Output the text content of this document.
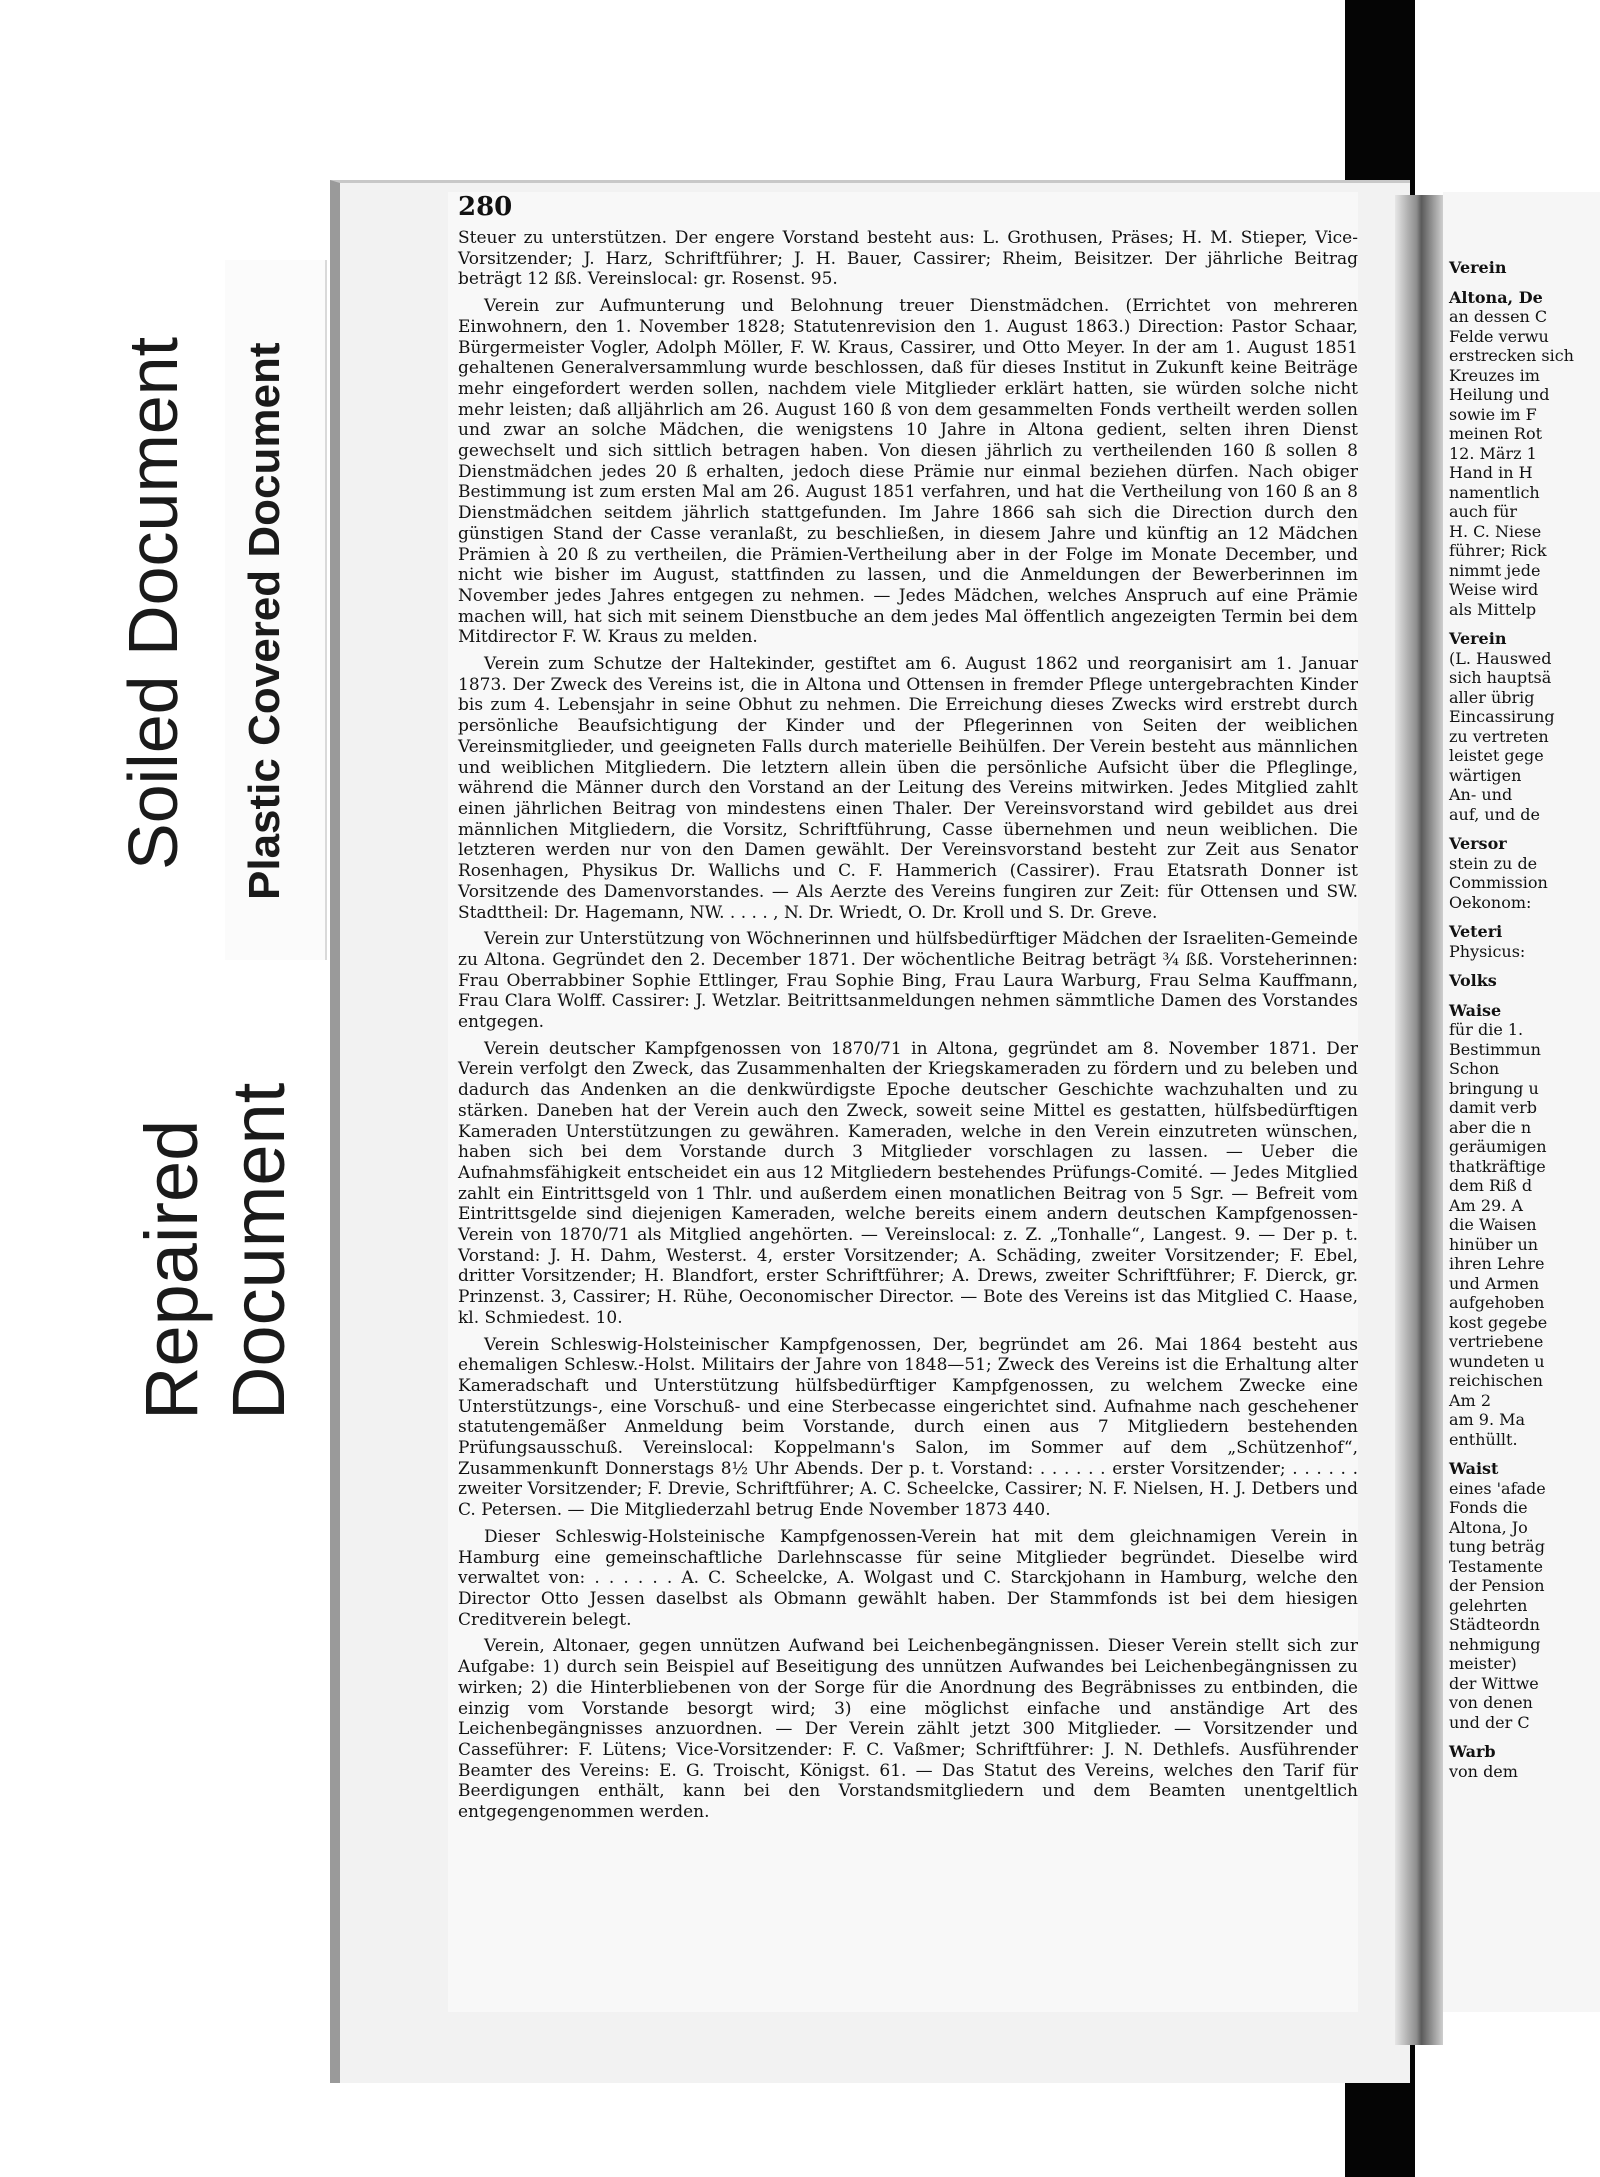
Soiled Document Plastic Covered Document
Repaired Document
280

Steuer zu unterstützen. Der engere Vorstand besteht aus: L. Grothusen, Präses; H. M. Stieper, Vice-Vorsitzender; J. Harz, Schriftführer; J. H. Bauer, Cassirer; Rheim, Beisitzer. Der jährliche Beitrag beträgt 12 ßß. Vereinslocal: gr. Rosenst. 95.

Verein zur Aufmunterung und Belohnung treuer Dienstmädchen. (Errichtet von mehreren Einwohnern, den 1. November 1828; Statutenrevision den 1. August 1863.) Direction: Pastor Schaar, Bürgermeister Vogler, Adolph Möller, F. W. Kraus, Cassirer, und Otto Meyer. In der am 1. August 1851 gehaltenen Generalversammlung wurde beschlossen, daß für dieses Institut in Zukunft keine Beiträge mehr eingefordert werden sollen, nachdem viele Mitglieder erklärt hatten, sie würden solche nicht mehr leisten; daß alljährlich am 26. August 160 ß von dem gesammelten Fonds vertheilt werden sollen und zwar an solche Mädchen, die wenigstens 10 Jahre in Altona gedient, selten ihren Dienst gewechselt und sich sittlich betragen haben. Von diesen jährlich zu vertheilenden 160 ß sollen 8 Dienstmädchen jedes 20 ß erhalten, jedoch diese Prämie nur einmal beziehen dürfen. Nach obiger Bestimmung ist zum ersten Mal am 26. August 1851 verfahren, und hat die Vertheilung von 160 ß an 8 Dienstmädchen seitdem jährlich stattgefunden. Im Jahre 1866 sah sich die Direction durch den günstigen Stand der Casse veranlaßt, zu beschließen, in diesem Jahre und künftig an 12 Mädchen Prämien à 20 ß zu vertheilen, die Prämien-Vertheilung aber in der Folge im Monate December, und nicht wie bisher im August, stattfinden zu lassen, und die Anmeldungen der Bewerberinnen im November jedes Jahres entgegen zu nehmen. — Jedes Mädchen, welches Anspruch auf eine Prämie machen will, hat sich mit seinem Dienstbuche an dem jedes Mal öffentlich angezeigten Termin bei dem Mitdirector F. W. Kraus zu melden.

Verein zum Schutze der Haltekinder, gestiftet am 6. August 1862 und reorganisirt am 1. Januar 1873. Der Zweck des Vereins ist, die in Altona und Ottensen in fremder Pflege untergebrachten Kinder bis zum 4. Lebensjahr in seine Obhut zu nehmen. Die Erreichung dieses Zwecks wird erstrebt durch persönliche Beaufsichtigung der Kinder und der Pflegerinnen von Seiten der weiblichen Vereinsmitglieder, und geeigneten Falls durch materielle Beihülfen. Der Verein besteht aus männlichen und weiblichen Mitgliedern. Die letztern allein üben die persönliche Aufsicht über die Pfleglinge, während die Männer durch den Vorstand an der Leitung des Vereins mitwirken. Jedes Mitglied zahlt einen jährlichen Beitrag von mindestens einen Thaler. Der Vereinsvorstand wird gebildet aus drei männlichen Mitgliedern, die Vorsitz, Schriftführung, Casse übernehmen und neun weiblichen. Die letzteren werden nur von den Damen gewählt. Der Vereinsvorstand besteht zur Zeit aus Senator Rosenhagen, Physikus Dr. Wallichs und C. F. Hammerich (Cassirer). Frau Etatsrath Donner ist Vorsitzende des Damenvorstandes. — Als Aerzte des Vereins fungiren zur Zeit: für Ottensen und SW. Stadttheil: Dr. Hagemann, NW. . . . . , N. Dr. Wriedt, O. Dr. Kroll und S. Dr. Greve.

Verein zur Unterstützung von Wöchnerinnen und hülfsbedürftiger Mädchen der Israeliten-Gemeinde zu Altona. Gegründet den 2. December 1871. Der wöchentliche Beitrag beträgt ¾ ßß. Vorsteherinnen: Frau Oberrabbiner Sophie Ettlinger, Frau Sophie Bing, Frau Laura Warburg, Frau Selma Kauffmann, Frau Clara Wolff. Cassirer: J. Wetzlar. Beitrittsanmeldungen nehmen sämmtliche Damen des Vorstandes entgegen.

Verein deutscher Kampfgenossen von 1870/71 in Altona, gegründet am 8. November 1871. Der Verein verfolgt den Zweck, das Zusammenhalten der Kriegskameraden zu fördern und zu beleben und dadurch das Andenken an die denkwürdigste Epoche deutscher Geschichte wachzuhalten und zu stärken. Daneben hat der Verein auch den Zweck, soweit seine Mittel es gestatten, hülfsbedürftigen Kameraden Unterstützungen zu gewähren. Kameraden, welche in den Verein einzutreten wünschen, haben sich bei dem Vorstande durch 3 Mitglieder vorschlagen zu lassen. — Ueber die Aufnahmsfähigkeit entscheidet ein aus 12 Mitgliedern bestehendes Prüfungs-Comité. — Jedes Mitglied zahlt ein Eintrittsgeld von 1 Thlr. und außerdem einen monatlichen Beitrag von 5 Sgr. — Befreit vom Eintrittsgelde sind diejenigen Kameraden, welche bereits einem andern deutschen Kampfgenossen-Verein von 1870/71 als Mitglied angehörten. — Vereinslocal: z. Z. „Tonhalle“, Langest. 9. — Der p. t. Vorstand: J. H. Dahm, Westerst. 4, erster Vorsitzender; A. Schäding, zweiter Vorsitzender; F. Ebel, dritter Vorsitzender; H. Blandfort, erster Schriftführer; A. Drews, zweiter Schriftführer; F. Dierck, gr. Prinzenst. 3, Cassirer; H. Rühe, Oeconomischer Director. — Bote des Vereins ist das Mitglied C. Haase, kl. Schmiedest. 10.

Verein Schleswig-Holsteinischer Kampfgenossen, Der, begründet am 26. Mai 1864 besteht aus ehemaligen Schlesw.-Holst. Militairs der Jahre von 1848—51; Zweck des Vereins ist die Erhaltung alter Kameradschaft und Unterstützung hülfsbedürftiger Kampfgenossen, zu welchem Zwecke eine Unterstützungs-, eine Vorschuß- und eine Sterbecasse eingerichtet sind. Aufnahme nach geschehener statutengemäßer Anmeldung beim Vorstande, durch einen aus 7 Mitgliedern bestehenden Prüfungsausschuß. Vereinslocal: Koppelmann's Salon, im Sommer auf dem „Schützenhof“, Zusammenkunft Donnerstags 8½ Uhr Abends. Der p. t. Vorstand: . . . . . . erster Vorsitzender; . . . . . . zweiter Vorsitzender; F. Drevie, Schriftführer; A. C. Scheelcke, Cassirer; N. F. Nielsen, H. J. Detbers und C. Petersen. — Die Mitgliederzahl betrug Ende November 1873 440.

Dieser Schleswig-Holsteinische Kampfgenossen-Verein hat mit dem gleichnamigen Verein in Hamburg eine gemeinschaftliche Darlehnscasse für seine Mitglieder begründet. Dieselbe wird verwaltet von: . . . . . . A. C. Scheelcke, A. Wolgast und C. Starckjohann in Hamburg, welche den Director Otto Jessen daselbst als Obmann gewählt haben. Der Stammfonds ist bei dem hiesigen Creditverein belegt.

Verein, Altonaer, gegen unnützen Aufwand bei Leichenbegängnissen. Dieser Verein stellt sich zur Aufgabe: 1) durch sein Beispiel auf Beseitigung des unnützen Aufwandes bei Leichenbegängnissen zu wirken; 2) die Hinterbliebenen von der Sorge für die Anordnung des Begräbnisses zu entbinden, die einzig vom Vorstande besorgt wird; 3) eine möglichst einfache und anständige Art des Leichenbegängnisses anzuordnen. — Der Verein zählt jetzt 300 Mitglieder. — Vorsitzender und Casseführer: F. Lütens; Vice-Vorsitzender: F. C. Vaßmer; Schriftführer: J. N. Dethlefs. Ausführender Beamter des Vereins: E. G. Troischt, Königst. 61. — Das Statut des Vereins, welches den Tarif für Beerdigungen enthält, kann bei den Vorstandsmitgliedern und dem Beamten unentgeltlich entgegengenommen werden.

Verein
Altona, De
an dessen C
Felde verwu
erstrecken sich
Kreuzes im
Heilung und
sowie im F
meinen Rot
12. März 1
Hand in H
namentlich
auch für
H. C. Niese
führer; Rick
nimmt jede
Weise wird
als Mittelp
Verein
(L. Hauswed
sich hauptsä
aller übrig
Eincassirung
zu vertreten
leistet gege
wärtigen
An- und
auf, und de
Versor
stein zu de
Commission
Oekonom:
Veteri
Physicus:
Volks
Waise
für die 1.
Bestimmun
Schon
bringung u
damit verb
aber die n
geräumigen
thatkräftige
dem Riß d
Am 29. A
die Waisen
hinüber un
ihren Lehre
und Armen
aufgehoben
kost gegebe
vertriebene
wundeten u
reichischen
Am 2
am 9. Ma
enthüllt.
Waist
eines 'afade
Fonds die
Altona, Jo
tung beträg
Testamente
der Pension
gelehrten
Städteordn
nehmigung
meister)
der Wittwe
von denen
und der C
Warb
von dem
